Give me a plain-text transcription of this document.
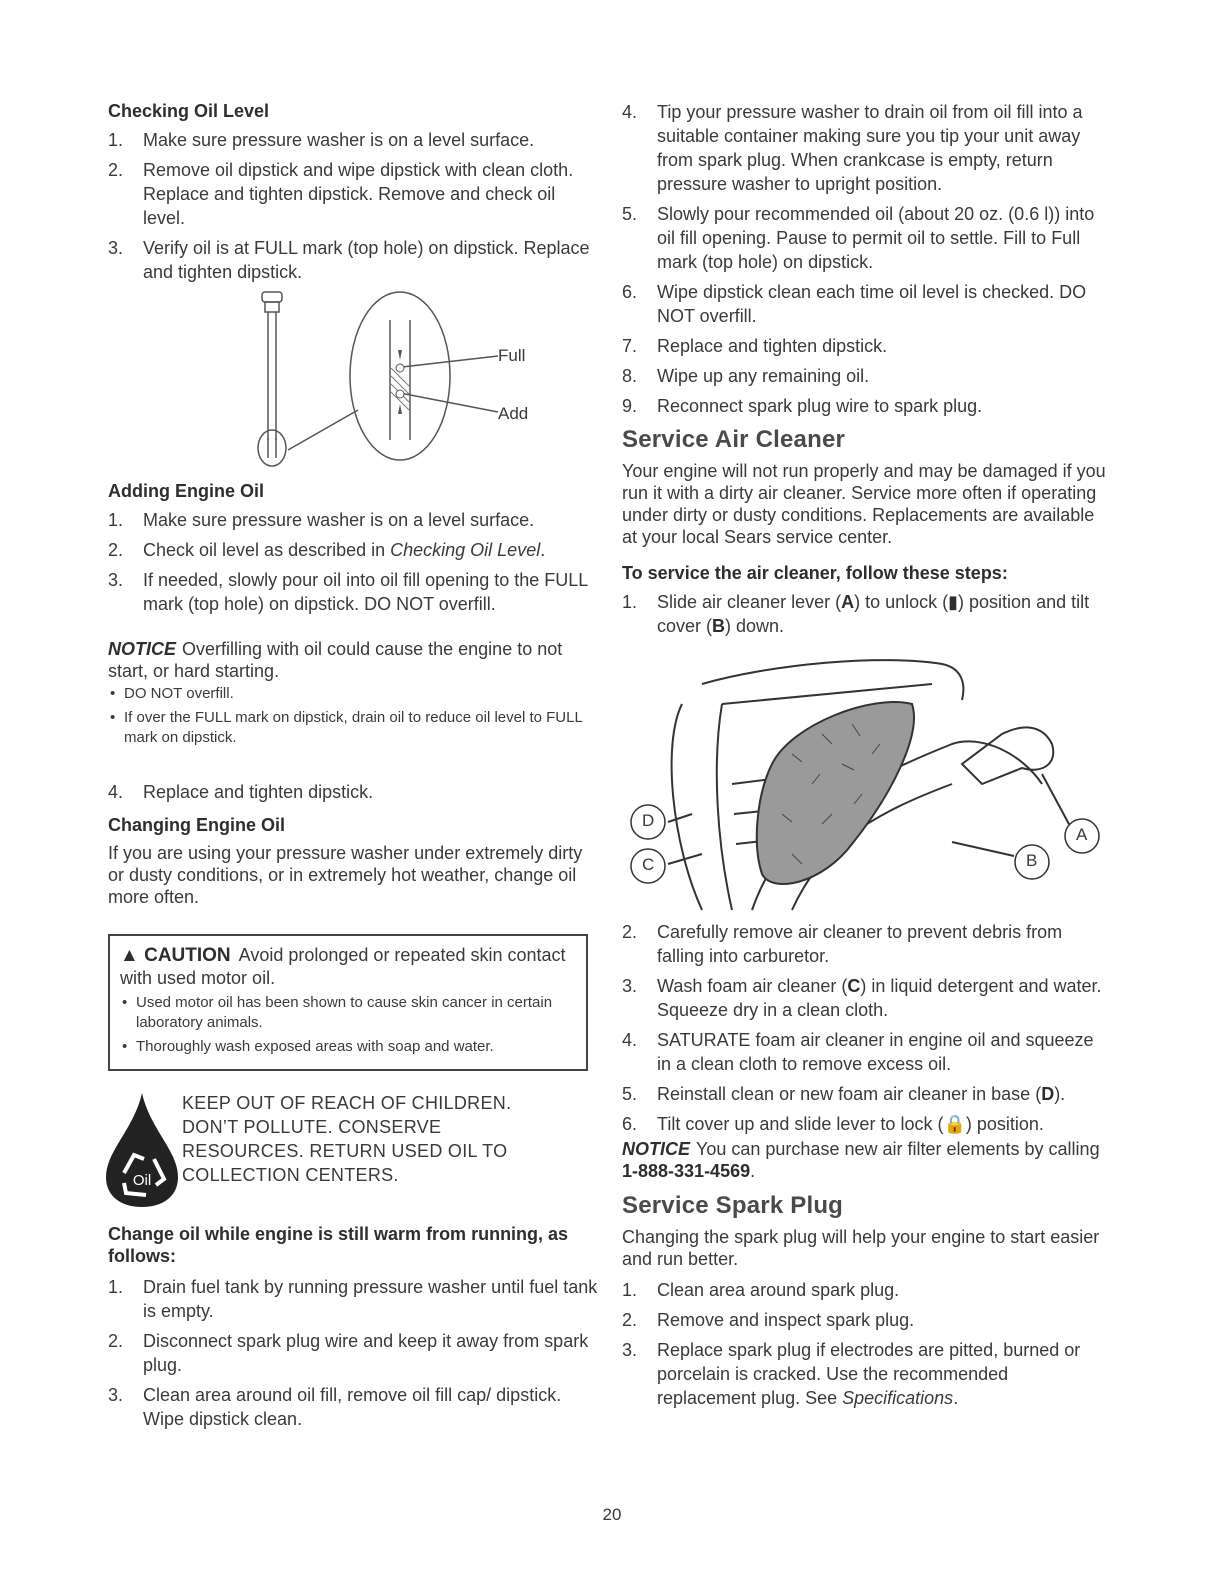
Checking Oil Level
1. Make sure pressure washer is on a level surface.
2. Remove oil dipstick and wipe dipstick with clean cloth. Replace and tighten dipstick. Remove and check oil level.
3. Verify oil is at FULL mark (top hole) on dipstick. Replace and tighten dipstick.
Full
Add
Adding Engine Oil
1. Make sure pressure washer is on a level surface.
2. Check oil level as described in Checking Oil Level.
3. If needed, slowly pour oil into oil fill opening to the FULL mark (top hole) on dipstick. DO NOT overfill.
NOTICE Overfilling with oil could cause the engine to not start, or hard starting.
• DO NOT overfill.
• If over the FULL mark on dipstick, drain oil to reduce oil level to FULL mark on dipstick.
4. Replace and tighten dipstick.
Changing Engine Oil
If you are using your pressure washer under extremely dirty or dusty conditions, or in extremely hot weather, change oil more often.
▲ CAUTION Avoid prolonged or repeated skin contact with used motor oil.
• Used motor oil has been shown to cause skin cancer in certain laboratory animals.
• Thoroughly wash exposed areas with soap and water.
Oil
KEEP OUT OF REACH OF CHILDREN.
DON’T POLLUTE. CONSERVE
RESOURCES. RETURN USED OIL TO
COLLECTION CENTERS.
Change oil while engine is still warm from running, as follows:
1. Drain fuel tank by running pressure washer until fuel tank is empty.
2. Disconnect spark plug wire and keep it away from spark plug.
3. Clean area around oil fill, remove oil fill cap/ dipstick. Wipe dipstick clean.
4. Tip your pressure washer to drain oil from oil fill into a suitable container making sure you tip your unit away from spark plug. When crankcase is empty, return pressure washer to upright position.
5. Slowly pour recommended oil (about 20 oz. (0.6 l)) into oil fill opening. Pause to permit oil to settle. Fill to Full mark (top hole) on dipstick.
6. Wipe dipstick clean each time oil level is checked. DO NOT overfill.
7. Replace and tighten dipstick.
8. Wipe up any remaining oil.
9. Reconnect spark plug wire to spark plug.
Service Air Cleaner
Your engine will not run properly and may be damaged if you run it with a dirty air cleaner. Service more often if operating under dirty or dusty conditions. Replacements are available at your local Sears service center.
To service the air cleaner, follow these steps:
1. Slide air cleaner lever (A) to unlock (▮) position and tilt cover (B) down.
D
C	B
A
2. Carefully remove air cleaner to prevent debris from falling into carburetor.
3. Wash foam air cleaner (C) in liquid detergent and water. Squeeze dry in a clean cloth.
4. SATURATE foam air cleaner in engine oil and squeeze in a clean cloth to remove excess oil.
5. Reinstall clean or new foam air cleaner in base (D).
6. Tilt cover up and slide lever to lock (🔒) position.
NOTICE You can purchase new air filter elements by calling 1-888-331-4569.
Service Spark Plug
Changing the spark plug will help your engine to start easier and run better.
1. Clean area around spark plug.
2. Remove and inspect spark plug.
3. Replace spark plug if electrodes are pitted, burned or porcelain is cracked. Use the recommended replacement plug. See Specifications.
20
